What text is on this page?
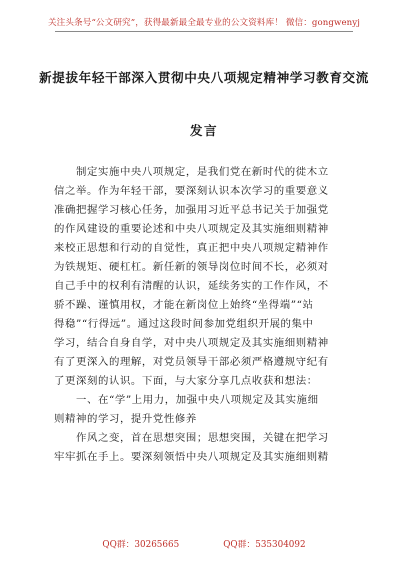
关注头条号“公文研究”，获得最新最全最专业的公文资料库！ 微信：gongwenyj
新提拔年轻干部深入贯彻中央八项规定精神学习教育交流
发言
　　制定实施中央八项规定，是我们党在新时代的徙木立
信之举。作为年轻干部，要深刻认识本次学习的重要意义
准确把握学习核心任务，加强用习近平总书记关于加强党
的作风建设的重要论述和中央八项规定及其实施细则精神
来校正思想和行动的自觉性，真正把中央八项规定精神作
为铁规矩、硬杠杠。新任新的领导岗位时间不长，必须对
自己手中的权利有清醒的认识，延续务实的工作作风，不
骄不躁、谨慎用权，才能在新岗位上始终“坐得端”“站
得稳”“行得远”。通过这段时间参加党组织开展的集中
学习，结合自身自学，对中央八项规定及其实施细则精神
有了更深入的理解，对党员领导干部必须严格遵规守纪有
了更深刻的认识。下面，与大家分享几点收获和想法：
　　一、在“学”上用力，加强中央八项规定及其实施细
则精神的学习，提升党性修养
　　作风之变，首在思想突围；思想突围，关键在把学习
牢牢抓在手上。要深刻领悟中央八项规定及其实施细则精
QQ群：30265665	QQ群：535304092
